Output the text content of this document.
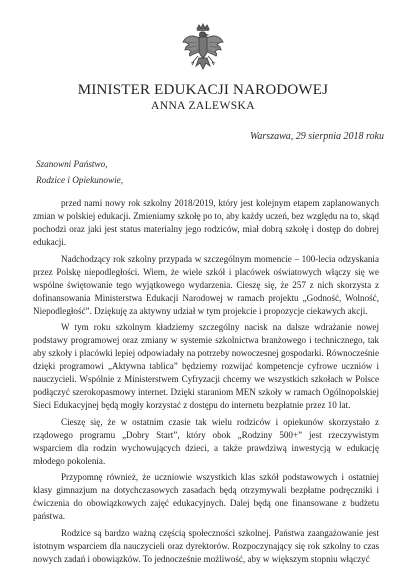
MINISTER EDUKACJI NARODOWEJ
ANNA ZALEWSKA
Warszawa, 29 sierpnia 2018 roku
Szanowni Państwo,
Rodzice i Opiekunowie,

przed nami nowy rok szkolny 2018/2019, który jest kolejnym etapem zaplanowanych zmian w polskiej edukacji. Zmieniamy szkołę po to, aby każdy uczeń, bez względu na to, skąd pochodzi oraz jaki jest status materialny jego rodziców, miał dobrą szkołę i dostęp do dobrej edukacji.

Nadchodzący rok szkolny przypada w szczególnym momencie – 100-lecia odzyskania przez Polskę niepodległości. Wiem, że wiele szkół i placówek oświatowych włączy się we wspólne świętowanie tego wyjątkowego wydarzenia. Cieszę się, że 257 z nich skorzysta z dofinansowania Ministerstwa Edukacji Narodowej w ramach projektu „Godność, Wolność, Niepodległość”. Dziękuję za aktywny udział w tym projekcie i propozycje ciekawych akcji.

W tym roku szkolnym kładziemy szczególny nacisk na dalsze wdrażanie nowej podstawy programowej oraz zmiany w systemie szkolnictwa branżowego i technicznego, tak aby szkoły i placówki lepiej odpowiadały na potrzeby nowoczesnej gospodarki. Równocześnie dzięki programowi „Aktywna tablica” będziemy rozwijać kompetencje cyfrowe uczniów i nauczycieli. Wspólnie z Ministerstwem Cyfryzacji chcemy we wszystkich szkołach w Polsce podłączyć szerokopasmowy internet. Dzięki staraniom MEN szkoły w ramach Ogólnopolskiej Sieci Edukacyjnej będą mogły korzystać z dostępu do internetu bezpłatnie przez 10 lat.

Cieszę się, że w ostatnim czasie tak wielu rodziców i opiekunów skorzystało z rządowego programu „Dobry Start”, który obok „Rodziny 500+” jest rzeczywistym wsparciem dla rodzin wychowujących dzieci, a także prawdziwą inwestycją w edukację młodego pokolenia.

Przypomnę również, że uczniowie wszystkich klas szkół podstawowych i ostatniej klasy gimnazjum na dotychczasowych zasadach będą otrzymywali bezpłatne podręczniki i ćwiczenia do obowiązkowych zajęć edukacyjnych. Dalej będą one finansowane z budżetu państwa.

Rodzice są bardzo ważną częścią społeczności szkolnej. Państwa zaangażowanie jest istotnym wsparciem dla nauczycieli oraz dyrektorów. Rozpoczynający się rok szkolny to czas nowych zadań i obowiązków. To jednocześnie możliwość, aby w większym stopniu włączyć
